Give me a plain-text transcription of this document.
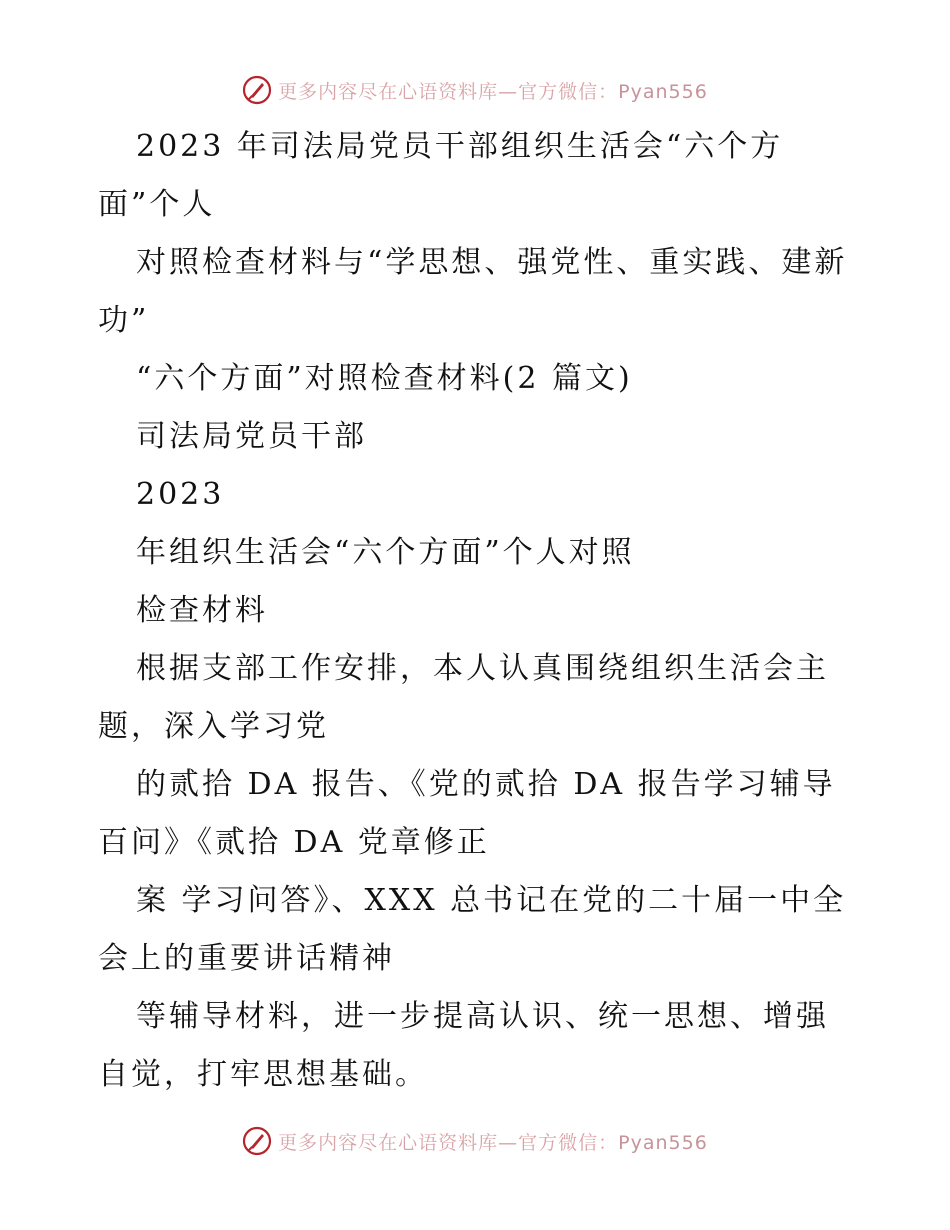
更多内容尽在心语资料库—官方微信：Pyan556

2023 年司法局党员干部组织生活会“六个方面”个人

对照检查材料与“学思想、强党性、重实践、建新功”

“六个方面”对照检查材料(2 篇文)

司法局党员干部

2023

年组织生活会“六个方面”个人对照

检查材料

根据支部工作安排，本人认真围绕组织生活会主题，深入学习党

的贰拾 DA 报告、《党的贰拾 DA 报告学习辅导百问》《贰拾 DA 党章修正

案 学习问答》、XXX 总书记在党的二十届一中全会上的重要讲话精神

等辅导材料，进一步提高认识、统一思想、增强自觉，打牢思想基础。

更多内容尽在心语资料库—官方微信：Pyan556
